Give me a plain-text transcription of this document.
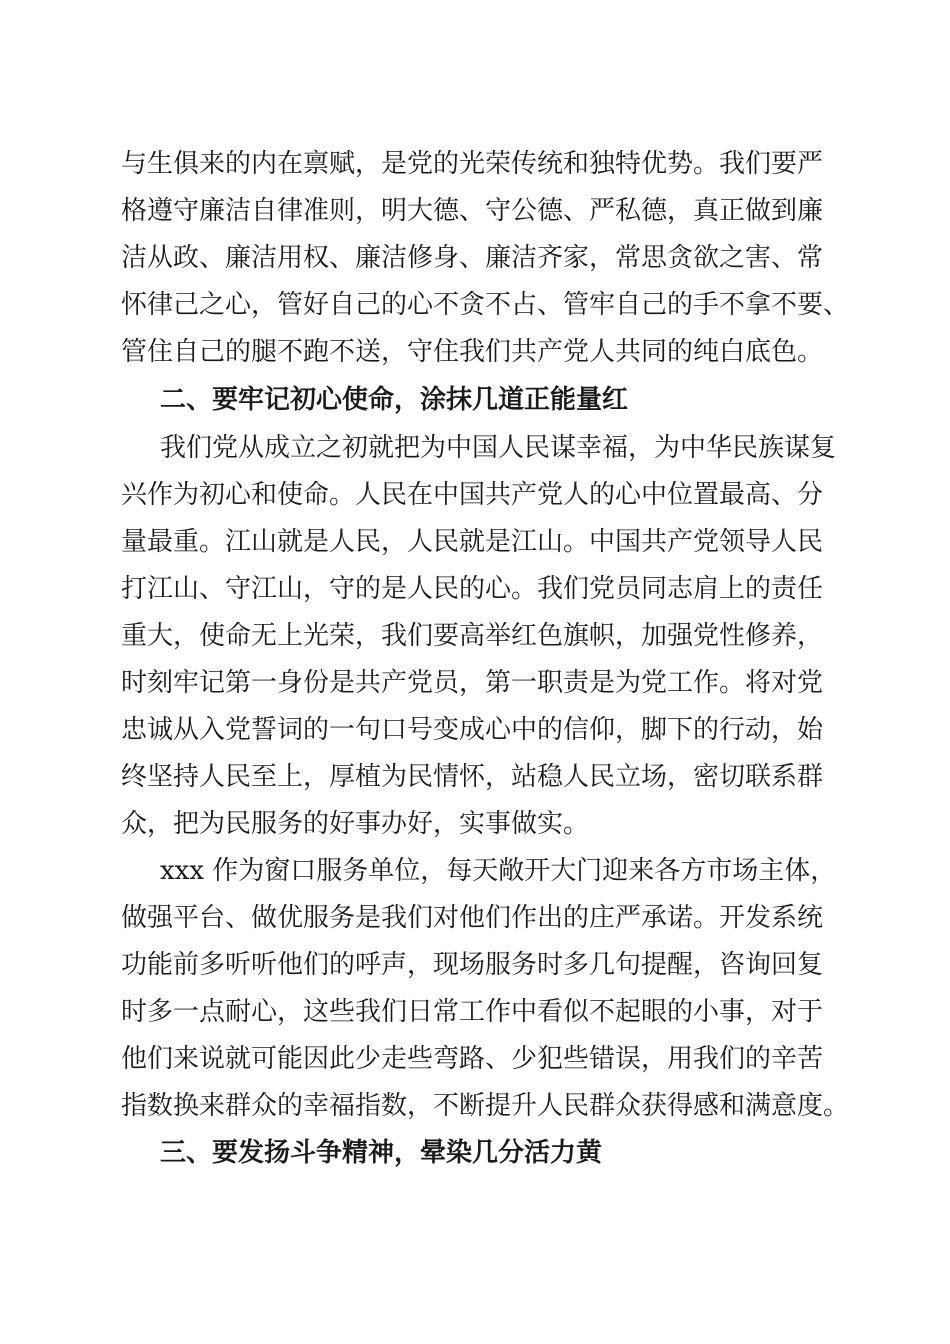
与生俱来的内在禀赋，是党的光荣传统和独特优势。我们要严
格遵守廉洁自律准则，明大德、守公德、严私德，真正做到廉
洁从政、廉洁用权、廉洁修身、廉洁齐家，常思贪欲之害、常
怀律己之心，管好自己的心不贪不占、管牢自己的手不拿不要、
管住自己的腿不跑不送，守住我们共产党人共同的纯白底色。
二、要牢记初心使命，涂抹几道正能量红
我们党从成立之初就把为中国人民谋幸福，为中华民族谋复
兴作为初心和使命。人民在中国共产党人的心中位置最高、分
量最重。江山就是人民，人民就是江山。中国共产党领导人民
打江山、守江山，守的是人民的心。我们党员同志肩上的责任
重大，使命无上光荣，我们要高举红色旗帜，加强党性修养，
时刻牢记第一身份是共产党员，第一职责是为党工作。将对党
忠诚从入党誓词的一句口号变成心中的信仰，脚下的行动，始
终坚持人民至上，厚植为民情怀，站稳人民立场，密切联系群
众，把为民服务的好事办好，实事做实。
xxx 作为窗口服务单位，每天敞开大门迎来各方市场主体，
做强平台、做优服务是我们对他们作出的庄严承诺。开发系统
功能前多听听他们的呼声，现场服务时多几句提醒，咨询回复
时多一点耐心，这些我们日常工作中看似不起眼的小事，对于
他们来说就可能因此少走些弯路、少犯些错误，用我们的辛苦
指数换来群众的幸福指数，不断提升人民群众获得感和满意度。
三、要发扬斗争精神，晕染几分活力黄
